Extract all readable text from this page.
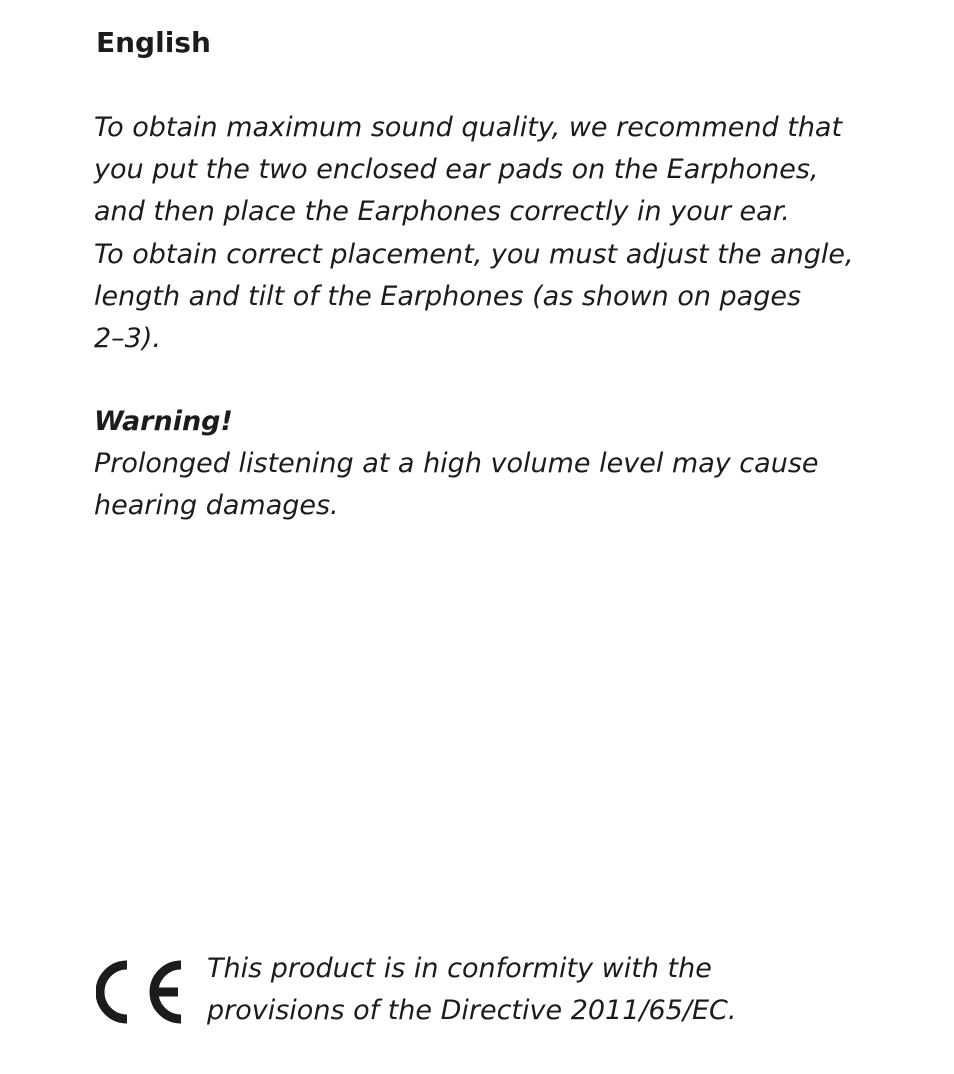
English

To obtain maximum sound quality, we recommend that
you put the two enclosed ear pads on the Earphones,
and then place the Earphones correctly in your ear.
To obtain correct placement, you must adjust the angle,
length and tilt of the Earphones (as shown on pages
2–3).

Warning!
Prolonged listening at a high volume level may cause
hearing damages.
This product is in conformity with the
provisions of the Directive 2011/65/EC.
